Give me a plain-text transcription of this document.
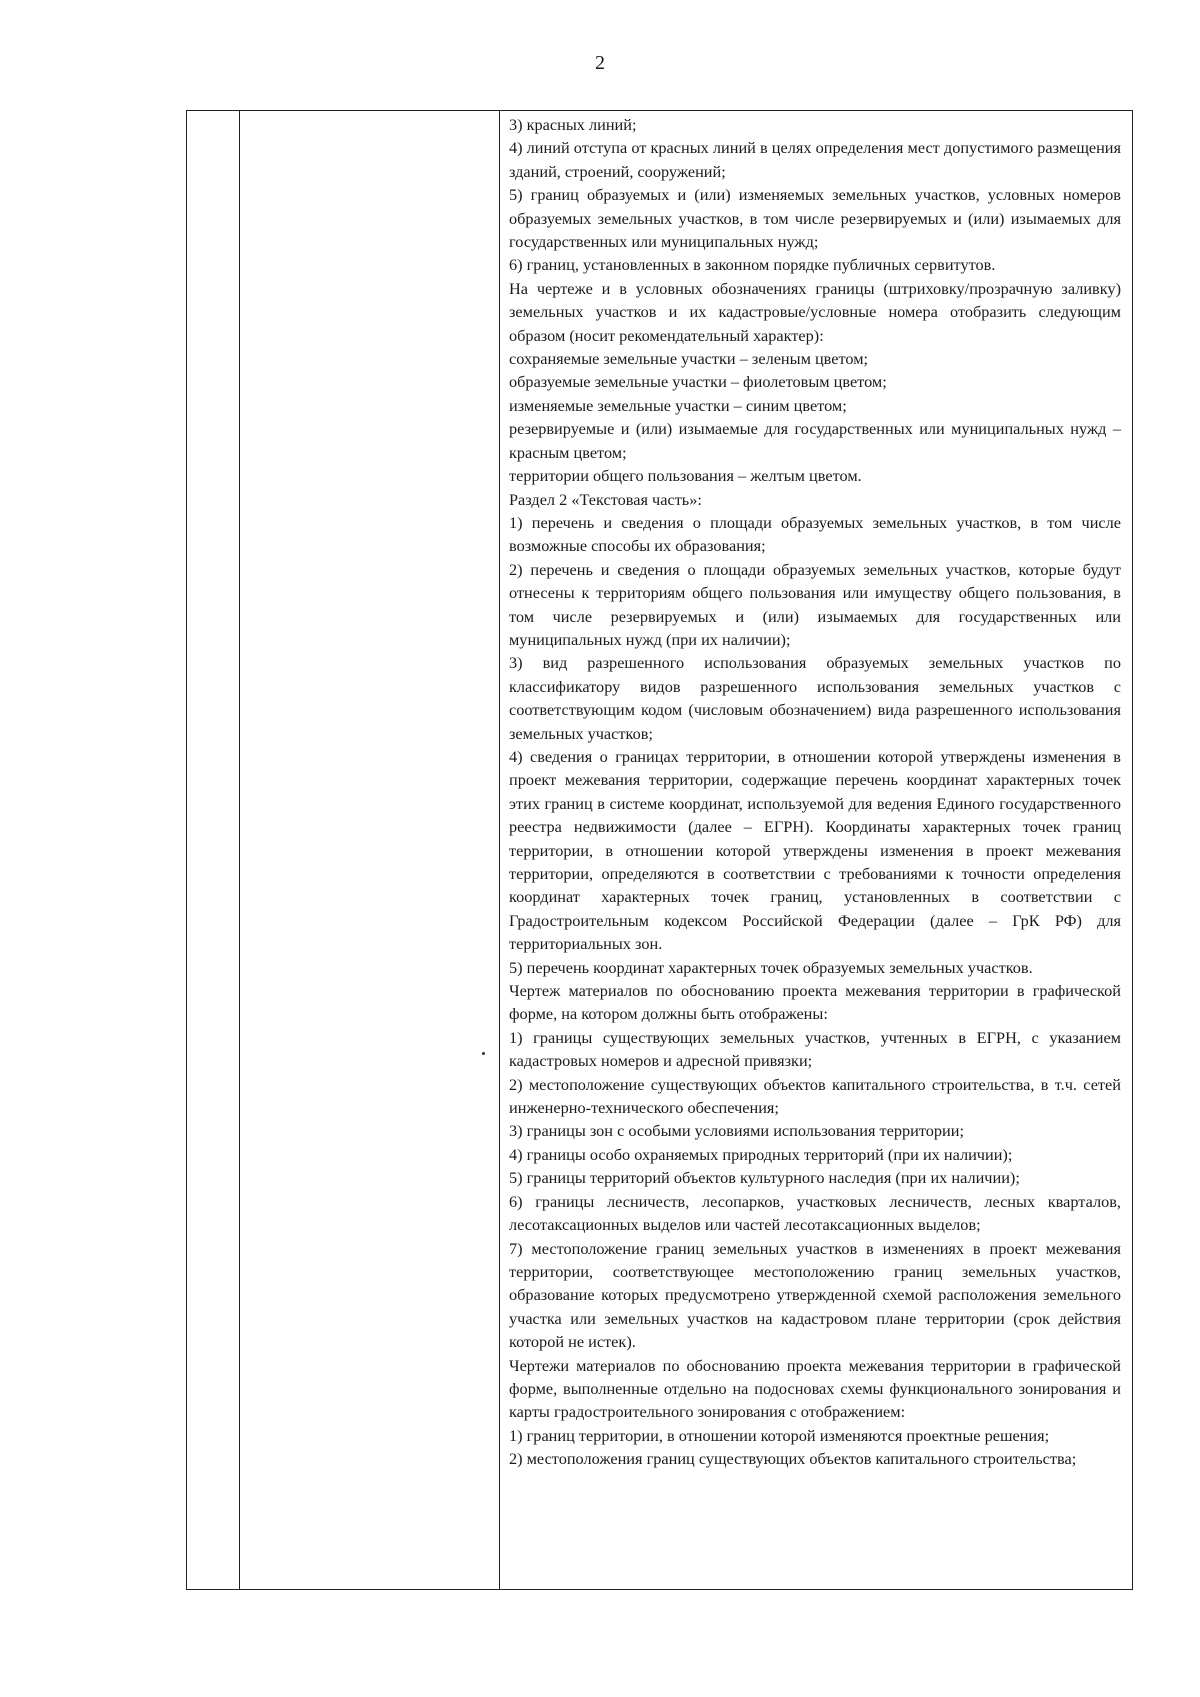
2

3) красных линий;

4) линий отступа от красных линий в целях определения мест допустимого размещения зданий, строений, сооружений;

5) границ образуемых и (или) изменяемых земельных участков, условных номеров образуемых земельных участков, в том числе резервируемых и (или) изымаемых для государственных или муниципальных нужд;

6) границ, установленных в законном порядке публичных сервитутов.

На чертеже и в условных обозначениях границы (штриховку/прозрачную заливку) земельных участков и их кадастровые/условные номера отобразить следующим образом (носит рекомендательный характер):

сохраняемые земельные участки – зеленым цветом;

образуемые земельные участки – фиолетовым цветом;

изменяемые земельные участки – синим цветом;

резервируемые и (или) изымаемые для государственных или муниципальных нужд – красным цветом;

территории общего пользования – желтым цветом.

Раздел 2 «Текстовая часть»:

1) перечень и сведения о площади образуемых земельных участков, в том числе возможные способы их образования;

2) перечень и сведения о площади образуемых земельных участков, которые будут отнесены к территориям общего пользования или имуществу общего пользования, в том числе резервируемых и (или) изымаемых для государственных или муниципальных нужд (при их наличии);

3) вид разрешенного использования образуемых земельных участков по классификатору видов разрешенного использования земельных участков с соответствующим кодом (числовым обозначением) вида разрешенного использования земельных участков;

4) сведения о границах территории, в отношении которой утверждены изменения в проект межевания территории, содержащие перечень координат характерных точек этих границ в системе координат, используемой для ведения Единого государственного реестра недвижимости (далее – ЕГРН). Координаты характерных точек границ территории, в отношении которой утверждены изменения в проект межевания территории, определяются в соответствии с требованиями к точности определения координат характерных точек границ, установленных в соответствии с Градостроительным кодексом Российской Федерации (далее – ГрК РФ) для территориальных зон.

5) перечень координат характерных точек образуемых земельных участков.

Чертеж материалов по обоснованию проекта межевания территории в графической форме, на котором должны быть отображены:

1) границы существующих земельных участков, учтенных в ЕГРН, с указанием кадастровых номеров и адресной привязки;

2) местоположение существующих объектов капитального строительства, в т.ч. сетей инженерно-технического обеспечения;

3) границы зон с особыми условиями использования территории;

4) границы особо охраняемых природных территорий (при их наличии);

5) границы территорий объектов культурного наследия (при их наличии);

6) границы лесничеств, лесопарков, участковых лесничеств, лесных кварталов, лесотаксационных выделов или частей лесотаксационных выделов;

7) местоположение границ земельных участков в изменениях в проект межевания территории, соответствующее местоположению границ земельных участков, образование которых предусмотрено утвержденной схемой расположения земельного участка или земельных участков на кадастровом плане территории (срок действия которой не истек).

Чертежи материалов по обоснованию проекта межевания территории в графической форме, выполненные отдельно на подосновах схемы функционального зонирования и карты градостроительного зонирования с отображением:

1) границ территории, в отношении которой изменяются проектные решения;

2) местоположения границ существующих объектов капитального строительства;
